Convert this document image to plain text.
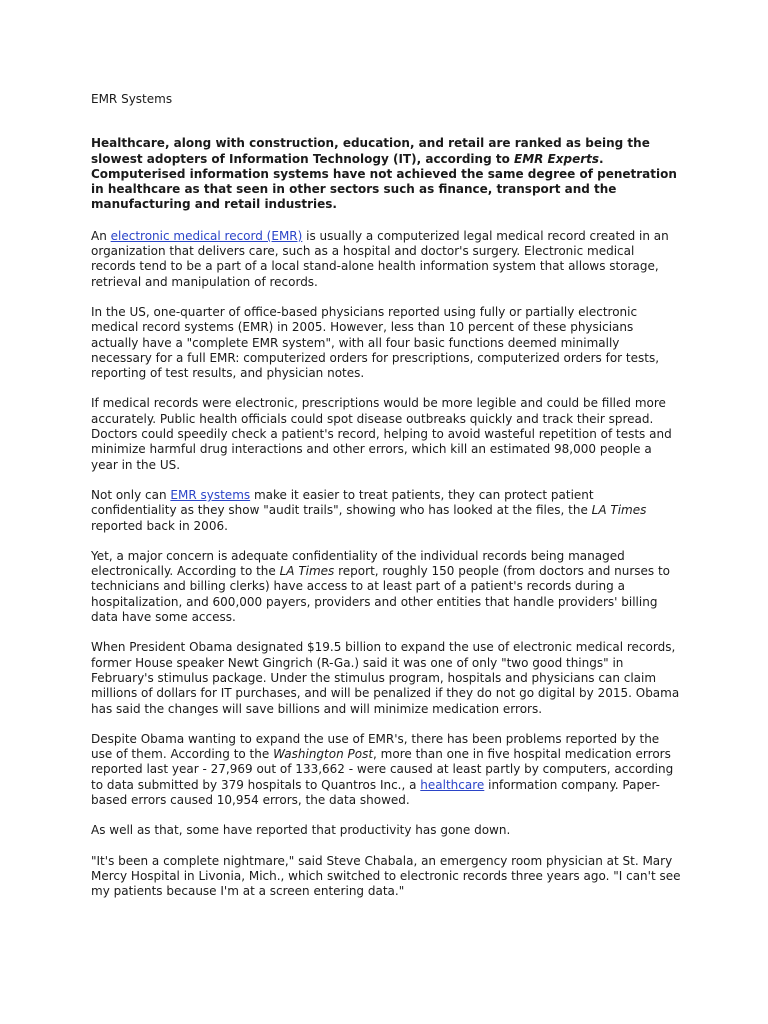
EMR Systems

Healthcare, along with construction, education, and retail are ranked as being the slowest adopters of Information Technology (IT), according to EMR Experts. Computerised information systems have not achieved the same degree of penetration in healthcare as that seen in other sectors such as finance, transport and the manufacturing and retail industries.

An electronic medical record (EMR) is usually a computerized legal medical record created in an organization that delivers care, such as a hospital and doctor's surgery. Electronic medical records tend to be a part of a local stand-alone health information system that allows storage, retrieval and manipulation of records.

In the US, one-quarter of office-based physicians reported using fully or partially electronic medical record systems (EMR) in 2005. However, less than 10 percent of these physicians actually have a "complete EMR system", with all four basic functions deemed minimally necessary for a full EMR: computerized orders for prescriptions, computerized orders for tests, reporting of test results, and physician notes.

If medical records were electronic, prescriptions would be more legible and could be filled more accurately. Public health officials could spot disease outbreaks quickly and track their spread. Doctors could speedily check a patient's record, helping to avoid wasteful repetition of tests and minimize harmful drug interactions and other errors, which kill an estimated 98,000 people a year in the US.

Not only can EMR systems make it easier to treat patients, they can protect patient confidentiality as they show "audit trails", showing who has looked at the files, the LA Times reported back in 2006.

Yet, a major concern is adequate confidentiality of the individual records being managed electronically. According to the LA Times report, roughly 150 people (from doctors and nurses to technicians and billing clerks) have access to at least part of a patient's records during a hospitalization, and 600,000 payers, providers and other entities that handle providers' billing data have some access.

When President Obama designated $19.5 billion to expand the use of electronic medical records, former House speaker Newt Gingrich (R-Ga.) said it was one of only "two good things" in February's stimulus package. Under the stimulus program, hospitals and physicians can claim millions of dollars for IT purchases, and will be penalized if they do not go digital by 2015. Obama has said the changes will save billions and will minimize medication errors.

Despite Obama wanting to expand the use of EMR's, there has been problems reported by the use of them. According to the Washington Post, more than one in five hospital medication errors reported last year - 27,969 out of 133,662 - were caused at least partly by computers, according to data submitted by 379 hospitals to Quantros Inc., a healthcare information company. Paper-based errors caused 10,954 errors, the data showed.

As well as that, some have reported that productivity has gone down.

"It's been a complete nightmare," said Steve Chabala, an emergency room physician at St. Mary Mercy Hospital in Livonia, Mich., which switched to electronic records three years ago. "I can't see my patients because I'm at a screen entering data."
